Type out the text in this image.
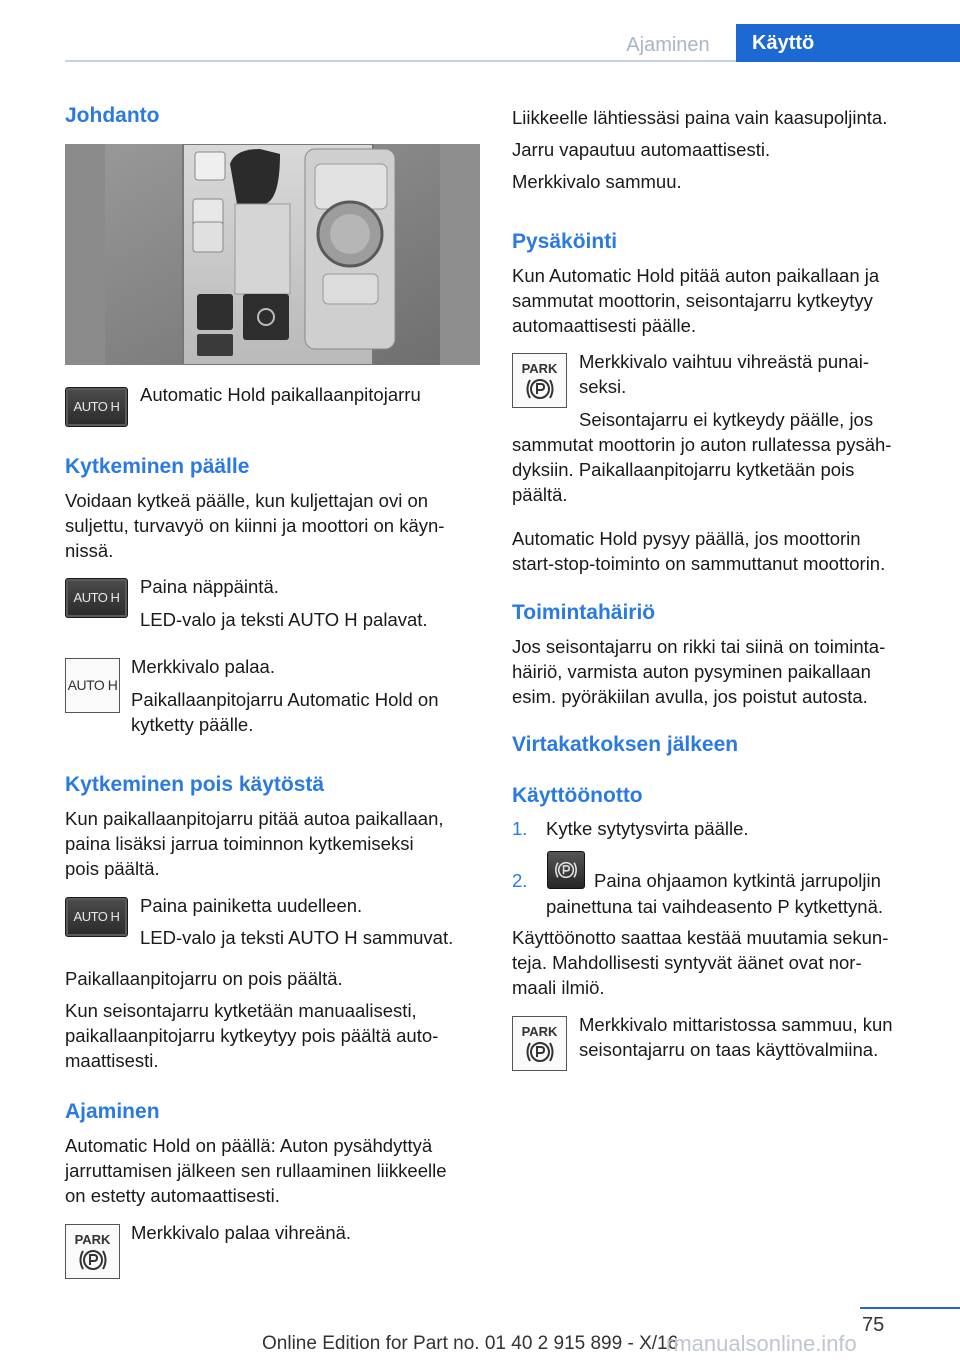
Ajaminen	Käyttö
Johdanto
AUTO H
Automatic Hold paikallaanpitojarru
Kytkeminen päälle
Voidaan kytkeä päälle, kun kuljettajan ovi on
suljettu, turvavyö on kiinni ja moottori on käyn-
nissä.
AUTO H
Paina näppäintä.
LED-valo ja teksti AUTO H palavat.
AUTO H
Merkkivalo palaa.
Paikallaanpitojarru Automatic Hold on
kytketty päälle.
Kytkeminen pois käytöstä
Kun paikallaanpitojarru pitää autoa paikallaan,
paina lisäksi jarrua toiminnon kytkemiseksi
pois päältä.
AUTO H
Paina painiketta uudelleen.
LED-valo ja teksti AUTO H sammuvat.
Paikallaanpitojarru on pois päältä.
Kun seisontajarru kytketään manuaalisesti,
paikallaanpitojarru kytkeytyy pois päältä auto-
maattisesti.
Ajaminen
Automatic Hold on päällä: Auton pysähdyttyä
jarruttamisen jälkeen sen rullaaminen liikkeelle
on estetty automaattisesti.
PARK	Merkkivalo palaa vihreänä.
Liikkeelle lähtiessäsi paina vain kaasupoljinta.
Jarru vapautuu automaattisesti.
Merkkivalo sammuu.
Pysäköinti
Kun Automatic Hold pitää auton paikallaan ja
sammutat moottorin, seisontajarru kytkeytyy
automaattisesti päälle.
PARK	Merkkivalo vaihtuu vihreästä punai-
seksi.
Seisontajarru ei kytkeydy päälle, jos
sammutat moottorin jo auton rullatessa pysäh-
dyksiin. Paikallaanpitojarru kytketään pois
päältä.
Automatic Hold pysyy päällä, jos moottorin
start-stop-toiminto on sammuttanut moottorin.
Toimintahäiriö
Jos seisontajarru on rikki tai siinä on toiminta-
häiriö, varmista auton pysyminen paikallaan
esim. pyöräkiilan avulla, jos poistut autosta.
Virtakatkoksen jälkeen
Käyttöönotto
1. Kytke sytytysvirta päälle.
2.	Paina ohjaamon kytkintä jarrupoljin
painettuna tai vaihdeasento P kytkettynä.
Käyttöönotto saattaa kestää muutamia sekun-
teja. Mahdollisesti syntyvät äänet ovat nor-
maali ilmiö.
PARK	Merkkivalo mittaristossa sammuu, kun
seisontajarru on taas käyttövalmiina.
75
Online Edition for Part no. 01 40 2 915 899 - X/16
rmanualsonline.info
